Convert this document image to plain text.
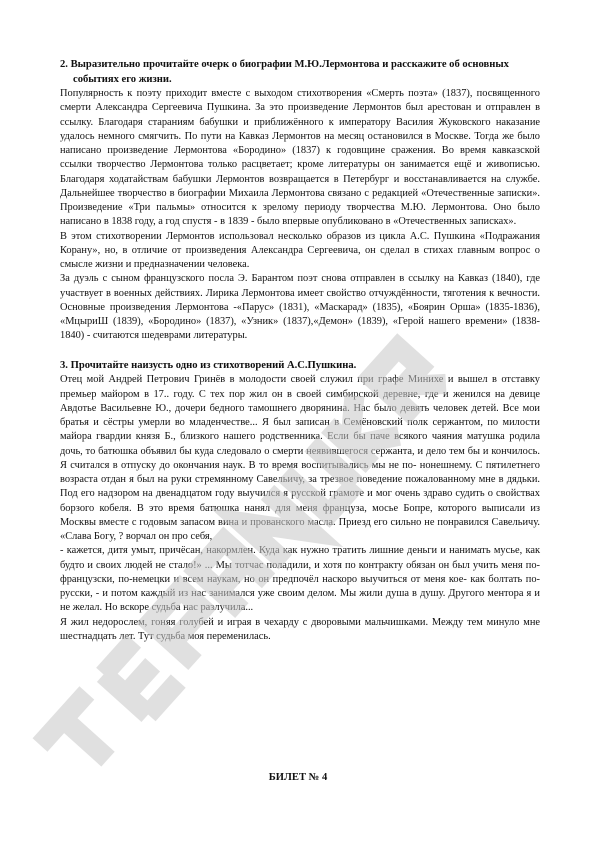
2. Выразительно прочитайте очерк о биографии М.Ю.Лермонтова и расскажите об основных событиях его жизни.

Популярность к поэту приходит вместе с выходом стихотворения «Смерть поэта» (1837), посвященного смерти Александра Сергеевича Пушкина. За это произведение Лермонтов был арестован и отправлен в ссылку. Благодаря стараниям бабушки и приближённого к императору Василия Жуковского наказание удалось немного смягчить. По пути на Кавказ Лермонтов на месяц остановился в Москве. Тогда же было написано произведение Лермонтова «Бородино» (1837) к годовщине сражения. Во время кавказской ссылки творчество Лермонтова только расцветает; кроме литературы он занимается ещё и живописью. Благодаря ходатайствам бабушки Лермонтов возвращается в Петербург и восстанавливается на службе. Дальнейшее творчество в биографии Михаила Лермонтова связано с редакцией «Отечественные записки». Произведение «Три пальмы» относится к зрелому периоду творчества М.Ю. Лермонтова. Оно было написано в 1838 году, а год спустя - в 1839 - было впервые опубликовано в «Отечественных записках».

В этом стихотворении Лермонтов использовал несколько образов из цикла А.С. Пушкина «Подражания Корану», но, в отличие от произведения Александра Сергеевича, он сделал в стихах главным вопрос о смысле жизни и предназначении человека.

За дуэль с сыном французского посла Э. Барантом поэт снова отправлен в ссылку на Кавказ (1840), где участвует в военных действиях. Лирика Лермонтова имеет свойство отчуждённости, тяготения к вечности. Основные произведения Лермонтова -«Парус» (1831), «Маскарад» (1835), «Боярин Орша» (1835-1836), «МцыриШ (1839), «Бородино» (1837), «Узник» (1837),«Демон» (1839), «Герой нашего времени» (1838-1840) - считаются шедеврами литературы.

3. Прочитайте наизусть одно из стихотворений А.С.Пушкина.

Отец мой Андрей Петрович Гринёв в молодости своей служил при графе Минихе и вышел в отставку премьер майором в 17.. году. С тех пор жил он в своей симбирской деревне, где и женился на девице Авдотье Васильевне Ю., дочери бедного тамошнего дворянина. Нас было девять человек детей. Все мои братья и сёстры умерли во младенчестве... Я был записан в Семёновский полк сержантом, по милости майора гвардии князя Б., близкого нашего родственника. Если бы паче всякого чаяния матушка родила дочь, то батюшка объявил бы куда следовало о смерти неявившегося сержанта, и дело тем бы и кончилось. Я считался в отпуску до окончания наук. В то время воспитывались мы не по- нонешнему. С пятилетнего возраста отдан я был на руки стремянному Савельичу, за трезвое поведение пожалованному мне в дядьки. Под его надзором на двенадцатом году выучился я русской грамоте и мог очень здраво судить о свойствах борзого кобеля. В это время батюшка нанял для меня француза, мосье Бопре, которого выписали из Москвы вместе с годовым запасом вина и прованского масла. Приезд его сильно не понравился Савельичу. «Слава Богу, ? ворчал он про себя,

- кажется, дитя умыт, причёсан, накормлен. Куда как нужно тратить лишние деньги и нанимать мусье, как будто и своих людей не стало!» ... Мы тотчас поладили, и хотя по контракту обязан он был учить меня по- французски, по-немецки и всем наукам, но он предпочёл наскоро выучиться от меня кое- как болтать по-русски, - и потом каждый из нас занимался уже своим делом. Мы жили душа в душу. Другого ментора я и не желал. Но вскоре судьба нас разлучила...

Я жил недорослем, гоняя голубей и играя в чехарду с дворовыми мальчишками. Между тем минуло мне шестнадцать лет. Тут судьба моя переменилась.

БИЛЕТ № 4
